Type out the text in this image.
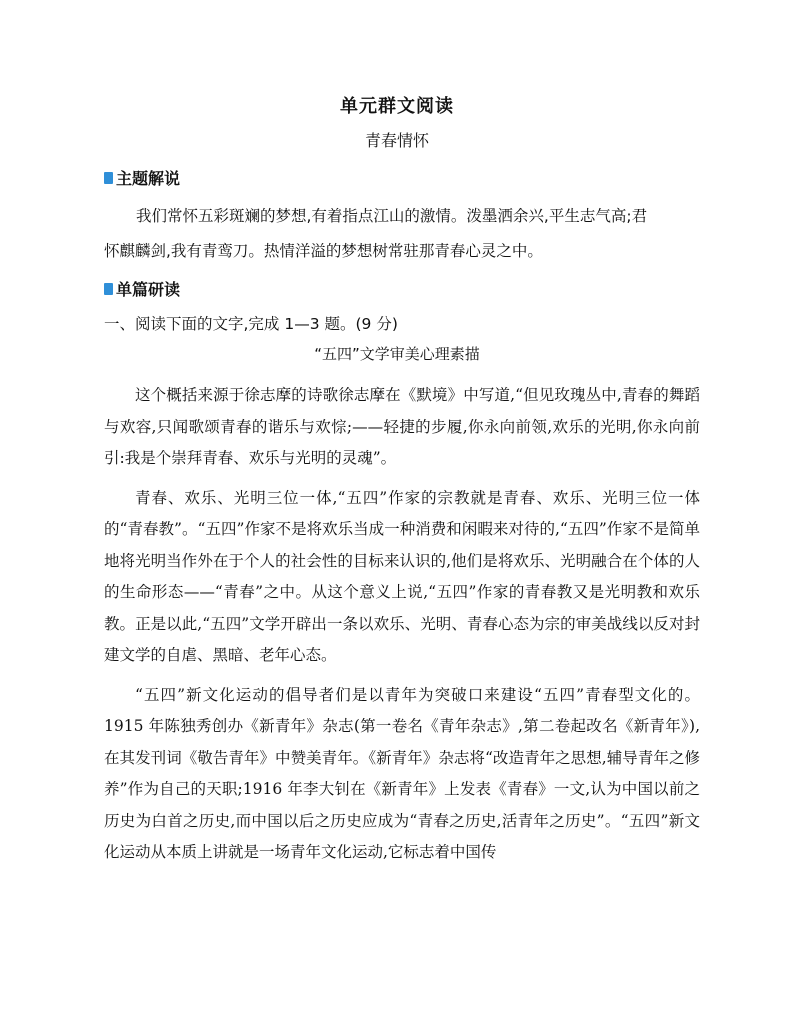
单元群文阅读
青春情怀
主题解说
我们常怀五彩斑斓的梦想,有着指点江山的激情。泼墨洒余兴,平生志气高;君
怀麒麟剑,我有青鸾刀。热情洋溢的梦想树常驻那青春心灵之中。
单篇研读
一、阅读下面的文字,完成 1—3 题。(9 分)
“五四”文学审美心理素描

这个概括来源于徐志摩的诗歌徐志摩在《默境》中写道,“但见玫瑰丛中,青春的舞蹈与欢容,只闻歌颂青春的谐乐与欢悰;——轻捷的步履,你永向前领,欢乐的光明,你永向前引:我是个崇拜青春、欢乐与光明的灵魂”。

青春、欢乐、光明三位一体,“五四”作家的宗教就是青春、欢乐、光明三位一体的“青春教”。“五四”作家不是将欢乐当成一种消费和闲暇来对待的,“五四”作家不是简单地将光明当作外在于个人的社会性的目标来认识的,他们是将欢乐、光明融合在个体的人的生命形态——“青春”之中。从这个意义上说,“五四”作家的青春教又是光明教和欢乐教。正是以此,“五四”文学开辟出一条以欢乐、光明、青春心态为宗的审美战线以反对封建文学的自虐、黑暗、老年心态。

“五四”新文化运动的倡导者们是以青年为突破口来建设“五四”青春型文化的。1915 年陈独秀创办《新青年》杂志(第一卷名《青年杂志》,第二卷起改名《新青年》),在其发刊词《敬告青年》中赞美青年。《新青年》杂志将“改造青年之思想,辅导青年之修养”作为自己的天职;1916 年李大钊在《新青年》上发表《青春》一文,认为中国以前之历史为白首之历史,而中国以后之历史应成为“青春之历史,活青年之历史”。“五四”新文化运动从本质上讲就是一场青年文化运动,它标志着中国传
